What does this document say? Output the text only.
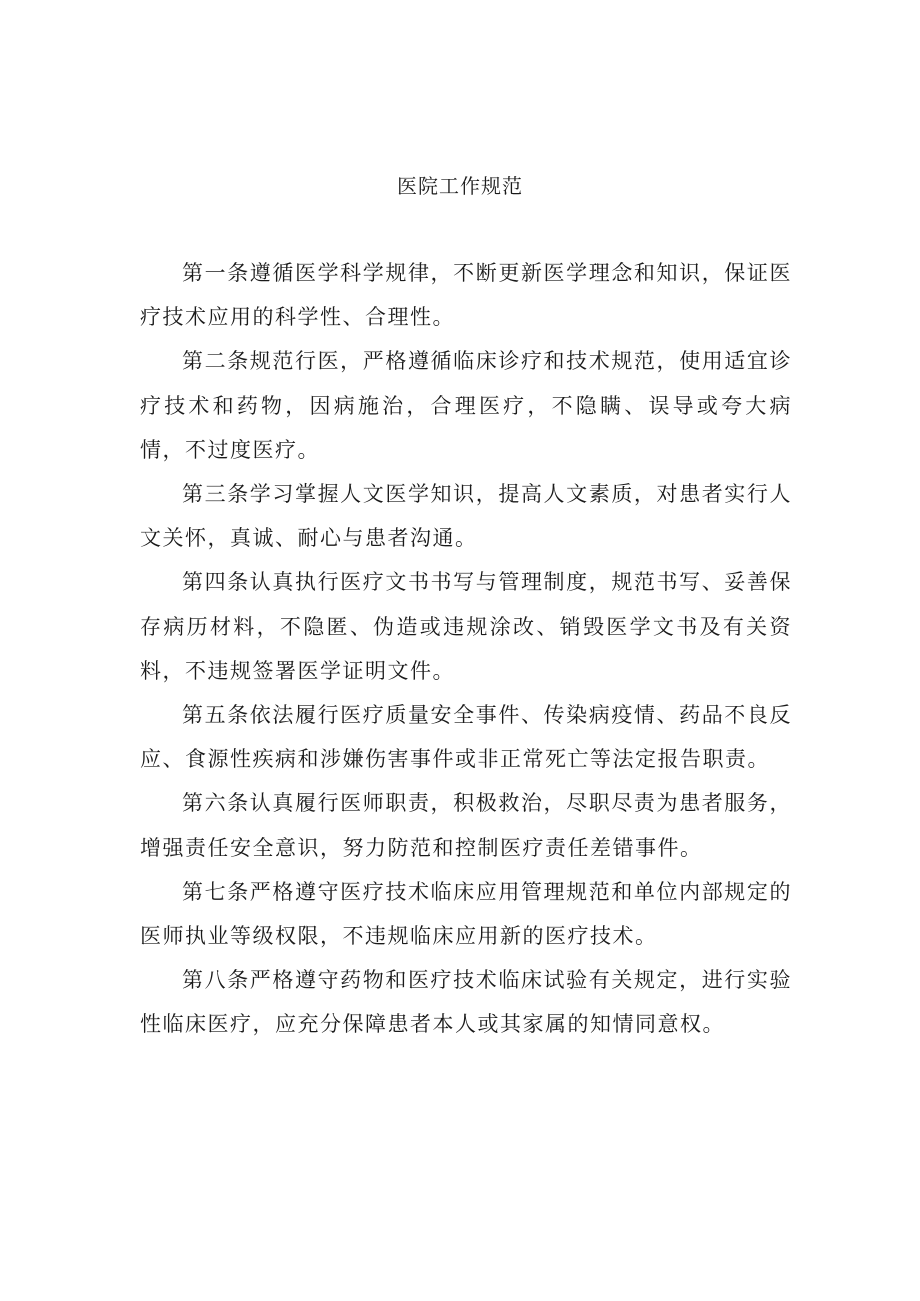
医院工作规范

第一条遵循医学科学规律，不断更新医学理念和知识，保证医疗技术应用的科学性、合理性。

第二条规范行医，严格遵循临床诊疗和技术规范，使用适宜诊疗技术和药物，因病施治，合理医疗，不隐瞒、误导或夸大病情，不过度医疗。

第三条学习掌握人文医学知识，提高人文素质，对患者实行人文关怀，真诚、耐心与患者沟通。

第四条认真执行医疗文书书写与管理制度，规范书写、妥善保存病历材料，不隐匿、伪造或违规涂改、销毁医学文书及有关资料，不违规签署医学证明文件。

第五条依法履行医疗质量安全事件、传染病疫情、药品不良反应、食源性疾病和涉嫌伤害事件或非正常死亡等法定报告职责。

第六条认真履行医师职责，积极救治，尽职尽责为患者服务，增强责任安全意识，努力防范和控制医疗责任差错事件。

第七条严格遵守医疗技术临床应用管理规范和单位内部规定的医师执业等级权限，不违规临床应用新的医疗技术。

第八条严格遵守药物和医疗技术临床试验有关规定，进行实验性临床医疗，应充分保障患者本人或其家属的知情同意权。
